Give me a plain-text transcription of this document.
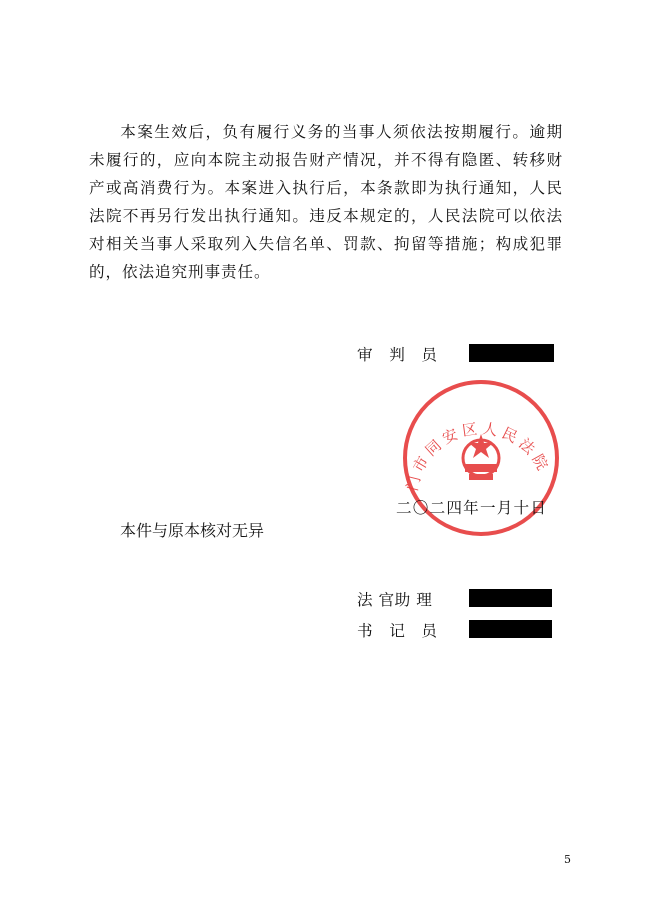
本案生效后，负有履行义务的当事人须依法按期履行。逾期未履行的，应向本院主动报告财产情况，并不得有隐匿、转移财产或高消费行为。本案进入执行后，本条款即为执行通知，人民法院不再另行发出执行通知。违反本规定的，人民法院可以依法对相关当事人采取列入失信名单、罚款、拘留等措施；构成犯罪的，依法追究刑事责任。

审　判　员
门市同安区人民法院
二〇二四年一月十日
本件与原本核对无异
法 官助 理
书　记　员
5
